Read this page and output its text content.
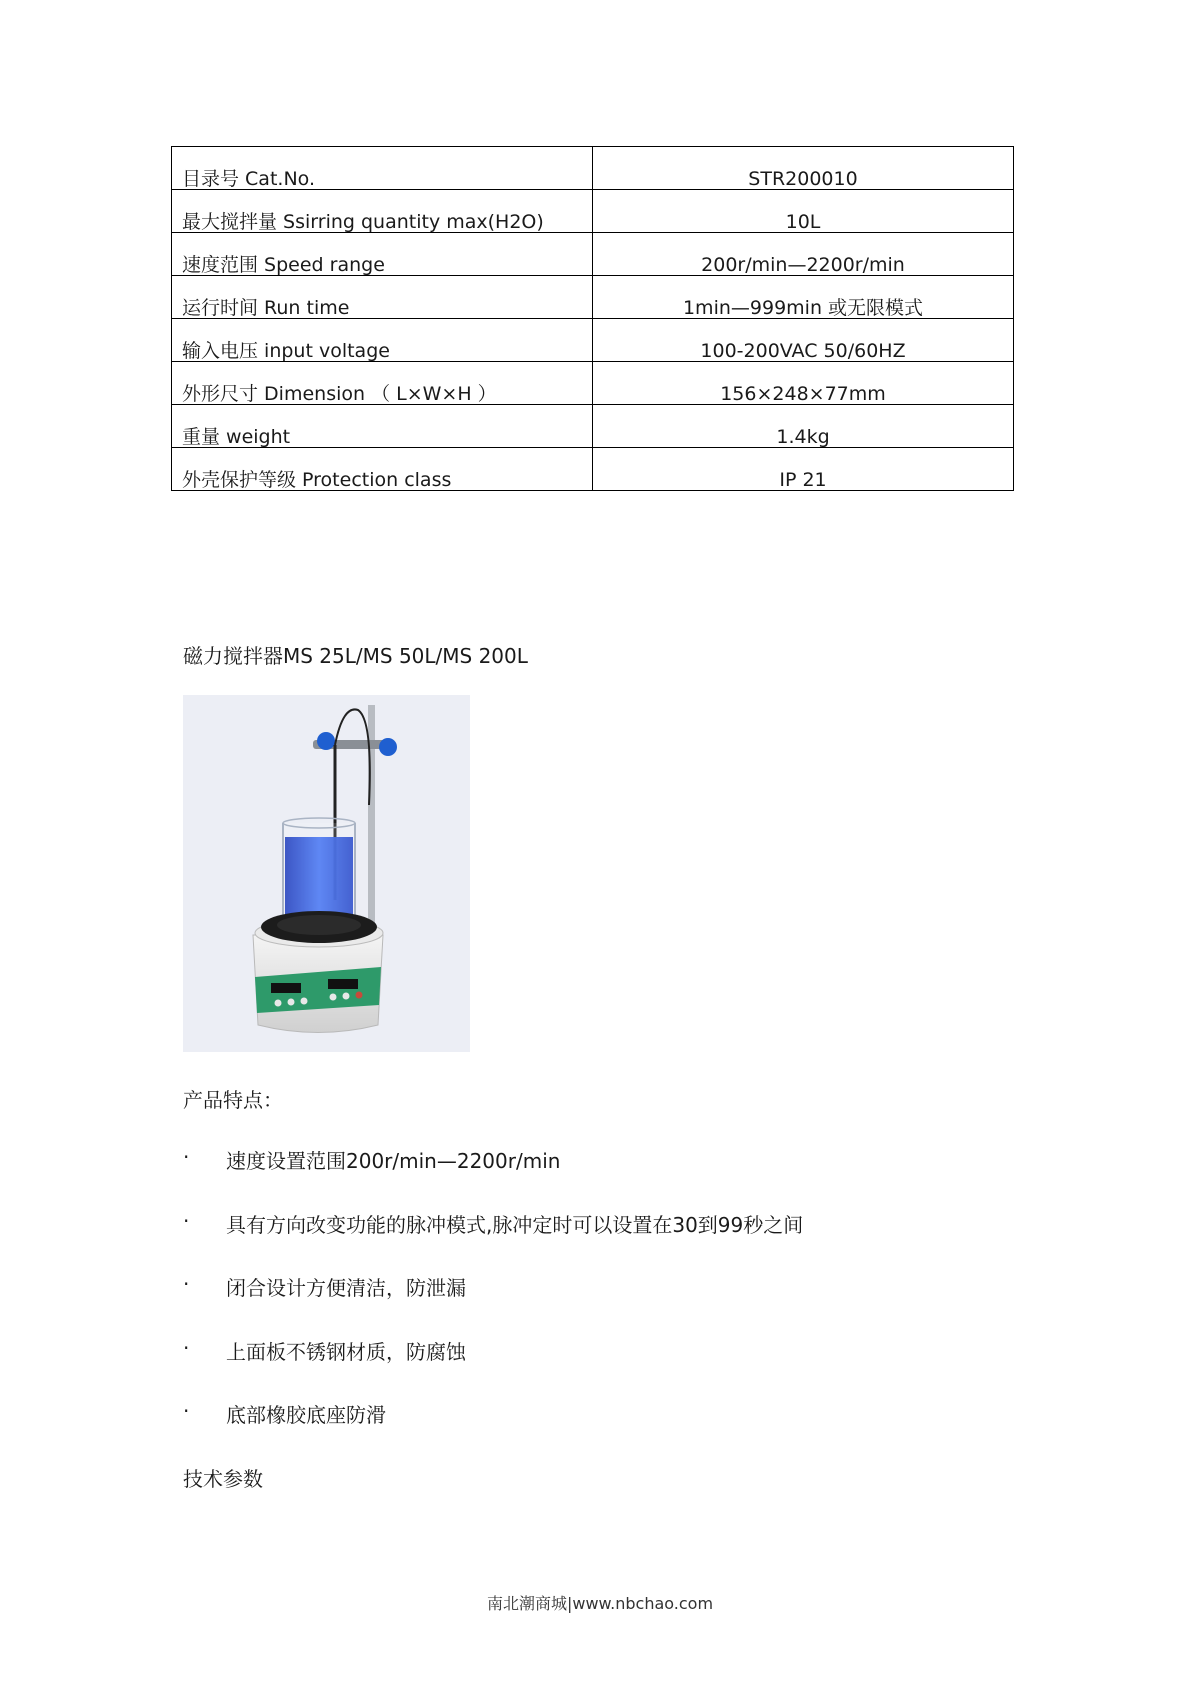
目录号 Cat.No.	STR200010
最大搅拌量 Ssirring quantity max(H2O)	10L
速度范围 Speed range	200r/min—2200r/min
运行时间 Run time	1min—999min 或无限模式
输入电压 input voltage	100-200VAC 50/60HZ
外形尺寸 Dimension （ L×W×H ）	156×248×77mm
重量 weight	1.4kg
外壳保护等级 Protection class	IP 21
磁力搅拌器MS 25L/MS 50L/MS 200L
产品特点：
·	速度设置范围200r/min—2200r/min
·	具有方向改变功能的脉冲模式,脉冲定时可以设置在30到99秒之间
·	闭合设计方便清洁，防泄漏
·	上面板不锈钢材质，防腐蚀
·	底部橡胶底座防滑
技术参数
南北潮商城|www.nbchao.com
